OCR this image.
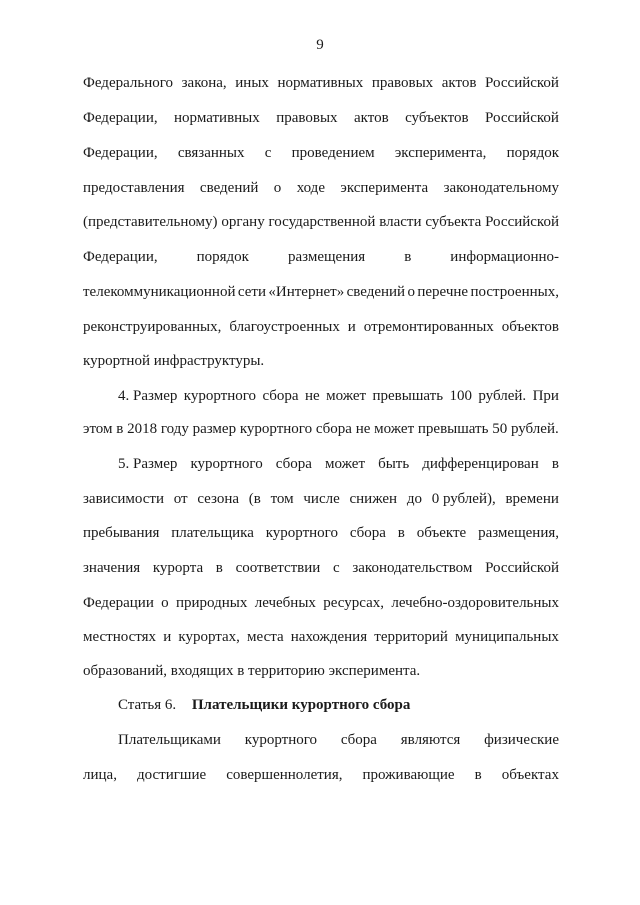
9
Федерального закона, иных нормативных правовых актов Российской
Федерации, нормативных правовых актов субъектов Российской
Федерации, связанных с проведением эксперимента, порядок
предоставления сведений о ходе эксперимента законодательному
(представительному) органу государственной власти субъекта Российской
Федерации,	порядок	размещения	в	информационно-
телекоммуникационной сети «Интернет» сведений о перечне построенных,
реконструированных, благоустроенных и отремонтированных объектов
курортной инфраструктуры.
4. Размер курортного сбора не может превышать 100 рублей. При
этом в 2018 году размер курортного сбора не может превышать 50 рублей.
5. Размер курортного сбора может быть дифференцирован в
зависимости от сезона (в том числе снижен до 0 рублей), времени
пребывания плательщика курортного сбора в объекте размещения,
значения курорта в соответствии с законодательством Российской
Федерации о природных лечебных ресурсах, лечебно-оздоровительных
местностях и курортах, места нахождения территорий муниципальных
образований, входящих в территорию эксперимента.
Статья 6. Плательщики курортного сбора
Плательщиками курортного сбора являются физические
лица, достигшие совершеннолетия, проживающие в объектах
